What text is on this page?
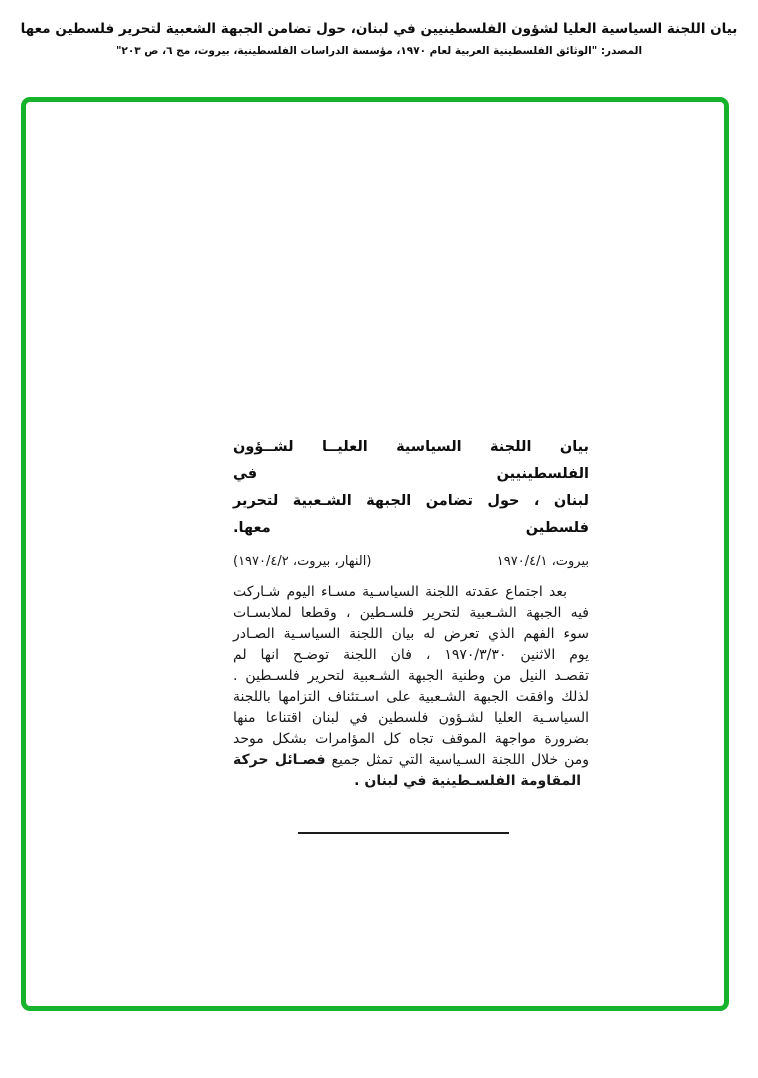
بيان اللجنة السياسية العليا لشؤون الفلسطينيين في لبنان، حول تضامن الجبهة الشعبية لتحرير فلسطين معها
المصدر: "الوثائق الفلسطينية العربية لعام ١٩٧٠، مؤسسة الدراسات الفلسطينية، بيروت، مج ٦، ص ٢٠٣"
بيان اللجنة السياسية العليــا لشــؤون الفلسطينيين في
لبنان ، حول تضامن الجبهة الشـعبية لتحرير فلسطين معها.
بيروت، ١٩٧٠/٤/١
(النهار، بيروت، ١٩٧٠/٤/٢)
بعد اجتماع عقدته اللجنة السياسـية مسـاء اليوم شـاركت
فيه الجبهة الشـعبية لتحرير فلسـطين ، وقطعا لملابسـات
سوء الفهم الذي تعرض له بيان اللجنة السياسـية الصـادر
يوم الاثنين ١٩٧٠/٣/٣٠ ، فان اللجنة توضـح انها لم
تقصـد النيل من وطنية الجبهة الشـعبية لتحرير فلسـطين .
لذلك وافقت الجبهة الشـعبية على اسـتئناف التزامها باللجنة
السياسـية العليا لشـؤون فلسطين في لبنان اقتناعا منها
بضرورة مواجهة الموقف تجاه كل المؤامرات بشكل موحد
ومن خلال اللجنة السـياسية التي تمثل جميع فصـائل حركة
المقاومة الفلسـطينية في لبنان .
